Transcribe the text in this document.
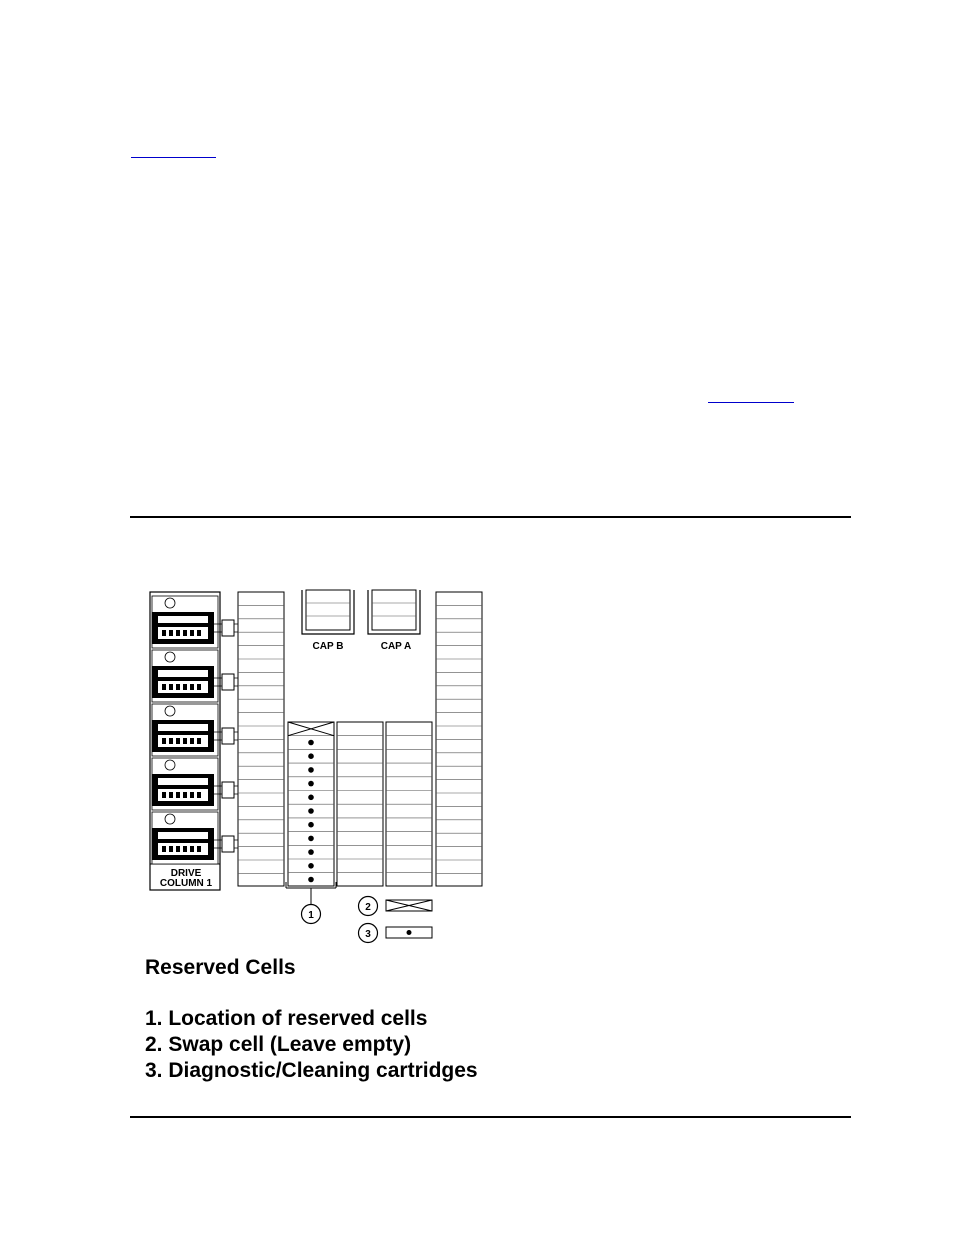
CAP B	CAP A
DRIVE
COLUMN 1
1
2
3
Reserved Cells
1. Location of reserved cells
2. Swap cell (Leave empty)
3. Diagnostic/Cleaning cartridges
